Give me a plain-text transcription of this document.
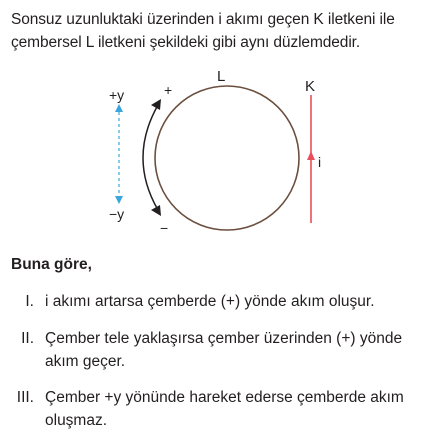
Sonsuz uzunluktaki üzerinden i akımı geçen K iletkeni ile çembersel L iletkeni şekildeki gibi aynı düzlemdedir.
+y
−y
+
−
L
K
i
Buna göre,
I. i akımı artarsa çemberde (+) yönde akım oluşur.
II. Çember tele yaklaşırsa çember üzerinden (+) yönde akım geçer.
III. Çember +y yönünde hareket ederse çemberde akım oluşmaz.
